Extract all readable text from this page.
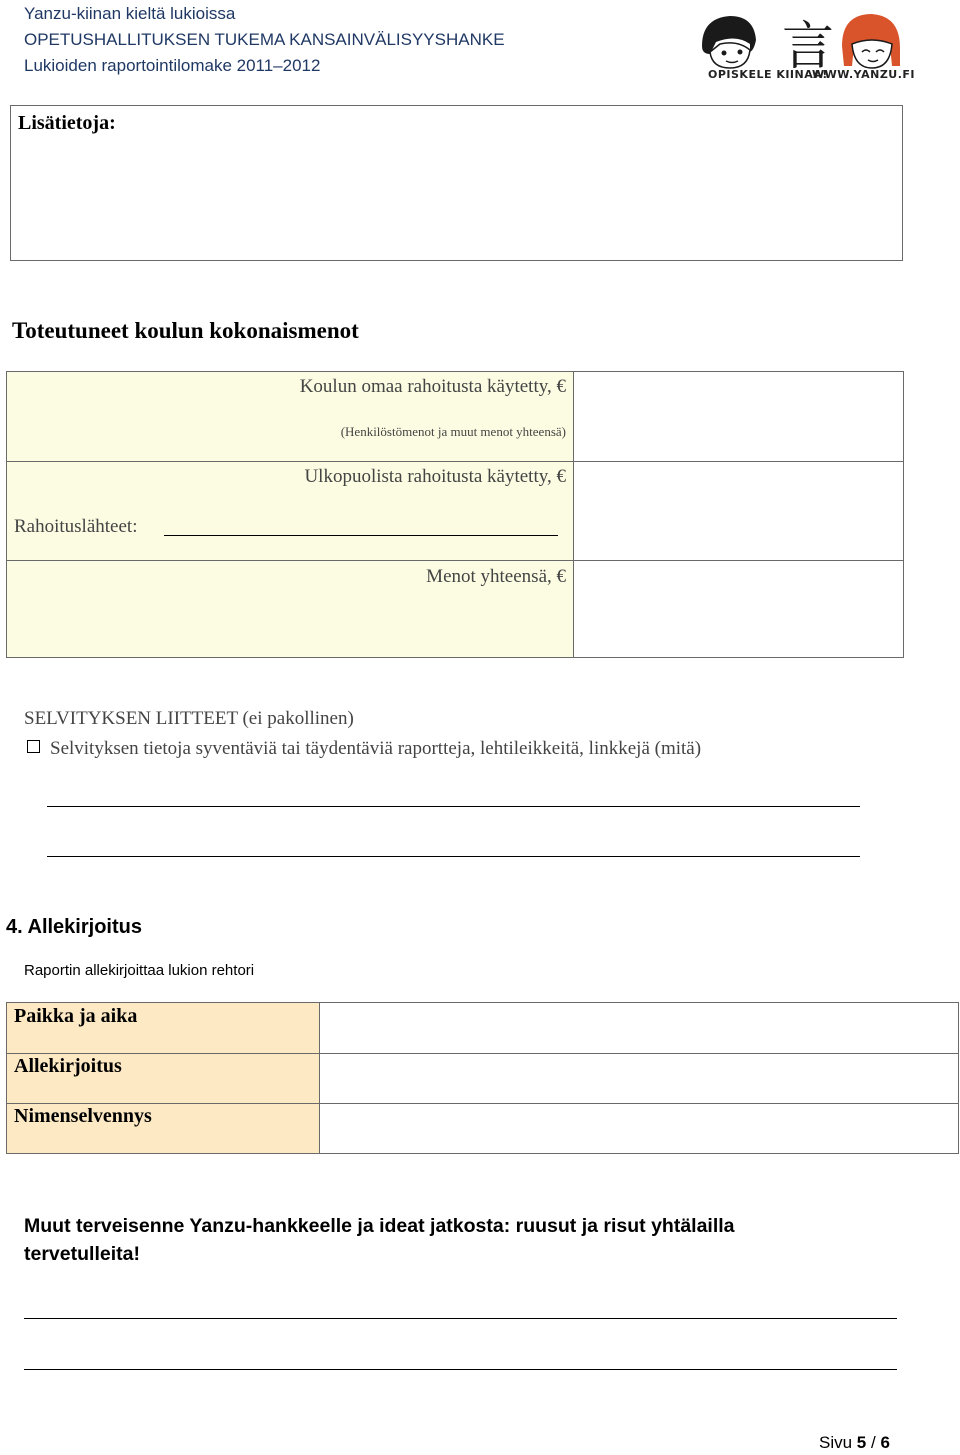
Yanzu-kiinan kieltä lukioissa
OPETUSHALLITUKSEN TUKEMA KANSAINVÄLISYYSHANKE
Lukioiden raportointilomake 2011–2012	言
OPISKELE KIINAA!
WWW.YANZU.FI
Lisätietoja:
Toteutuneet koulun kokonaismenot
Koulun omaa rahoitusta käytetty, €
(Henkilöstömenot ja muut menot yhteensä)
Ulkopuolista rahoitusta käytetty, €
Rahoituslähteet:
Menot yhteensä, €
SELVITYKSEN LIITTEET (ei pakollinen)
Selvityksen tietoja syventäviä tai täydentäviä raportteja, lehtileikkeitä, linkkejä (mitä)
4. Allekirjoitus
Raportin allekirjoittaa lukion rehtori
Paikka ja aika
Allekirjoitus
Nimenselvennys
Muut terveisenne Yanzu-hankkeelle ja ideat jatkosta: ruusut ja risut yhtälailla tervetulleita!
Sivu 5 / 6
